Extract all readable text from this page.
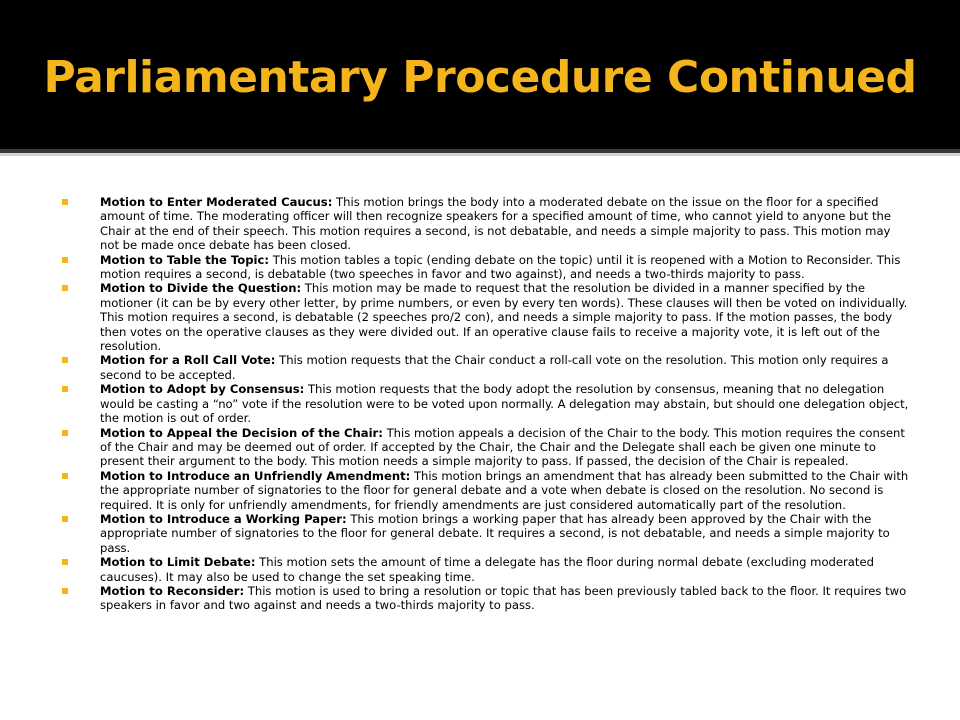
Parliamentary Procedure Continued
Motion to Enter Moderated Caucus: This motion brings the body into a moderated debate on the issue on the floor for a specified amount of time. The moderating officer will then recognize speakers for a specified amount of time, who cannot yield to anyone but the Chair at the end of their speech. This motion requires a second, is not debatable, and needs a simple majority to pass. This motion may not be made once debate has been closed.
Motion to Table the Topic: This motion tables a topic (ending debate on the topic) until it is reopened with a Motion to Reconsider. This motion requires a second, is debatable (two speeches in favor and two against), and needs a two-thirds majority to pass.
Motion to Divide the Question: This motion may be made to request that the resolution be divided in a manner specified by the motioner (it can be by every other letter, by prime numbers, or even by every ten words). These clauses will then be voted on individually. This motion requires a second, is debatable (2 speeches pro/2 con), and needs a simple majority to pass. If the motion passes, the body then votes on the operative clauses as they were divided out. If an operative clause fails to receive a majority vote, it is left out of the resolution.
Motion for a Roll Call Vote: This motion requests that the Chair conduct a roll-call vote on the resolution. This motion only requires a second to be accepted.
Motion to Adopt by Consensus: This motion requests that the body adopt the resolution by consensus, meaning that no delegation would be casting a “no” vote if the resolution were to be voted upon normally. A delegation may abstain, but should one delegation object, the motion is out of order.
Motion to Appeal the Decision of the Chair: This motion appeals a decision of the Chair to the body. This motion requires the consent of the Chair and may be deemed out of order. If accepted by the Chair, the Chair and the Delegate shall each be given one minute to present their argument to the body. This motion needs a simple majority to pass. If passed, the decision of the Chair is repealed.
Motion to Introduce an Unfriendly Amendment: This motion brings an amendment that has already been submitted to the Chair with the appropriate number of signatories to the floor for general debate and a vote when debate is closed on the resolution. No second is required. It is only for unfriendly amendments, for friendly amendments are just considered automatically part of the resolution.
Motion to Introduce a Working Paper: This motion brings a working paper that has already been approved by the Chair with the appropriate number of signatories to the floor for general debate. It requires a second, is not debatable, and needs a simple majority to pass.
Motion to Limit Debate: This motion sets the amount of time a delegate has the floor during normal debate (excluding moderated caucuses). It may also be used to change the set speaking time.
Motion to Reconsider: This motion is used to bring a resolution or topic that has been previously tabled back to the floor. It requires two speakers in favor and two against and needs a two-thirds majority to pass.
